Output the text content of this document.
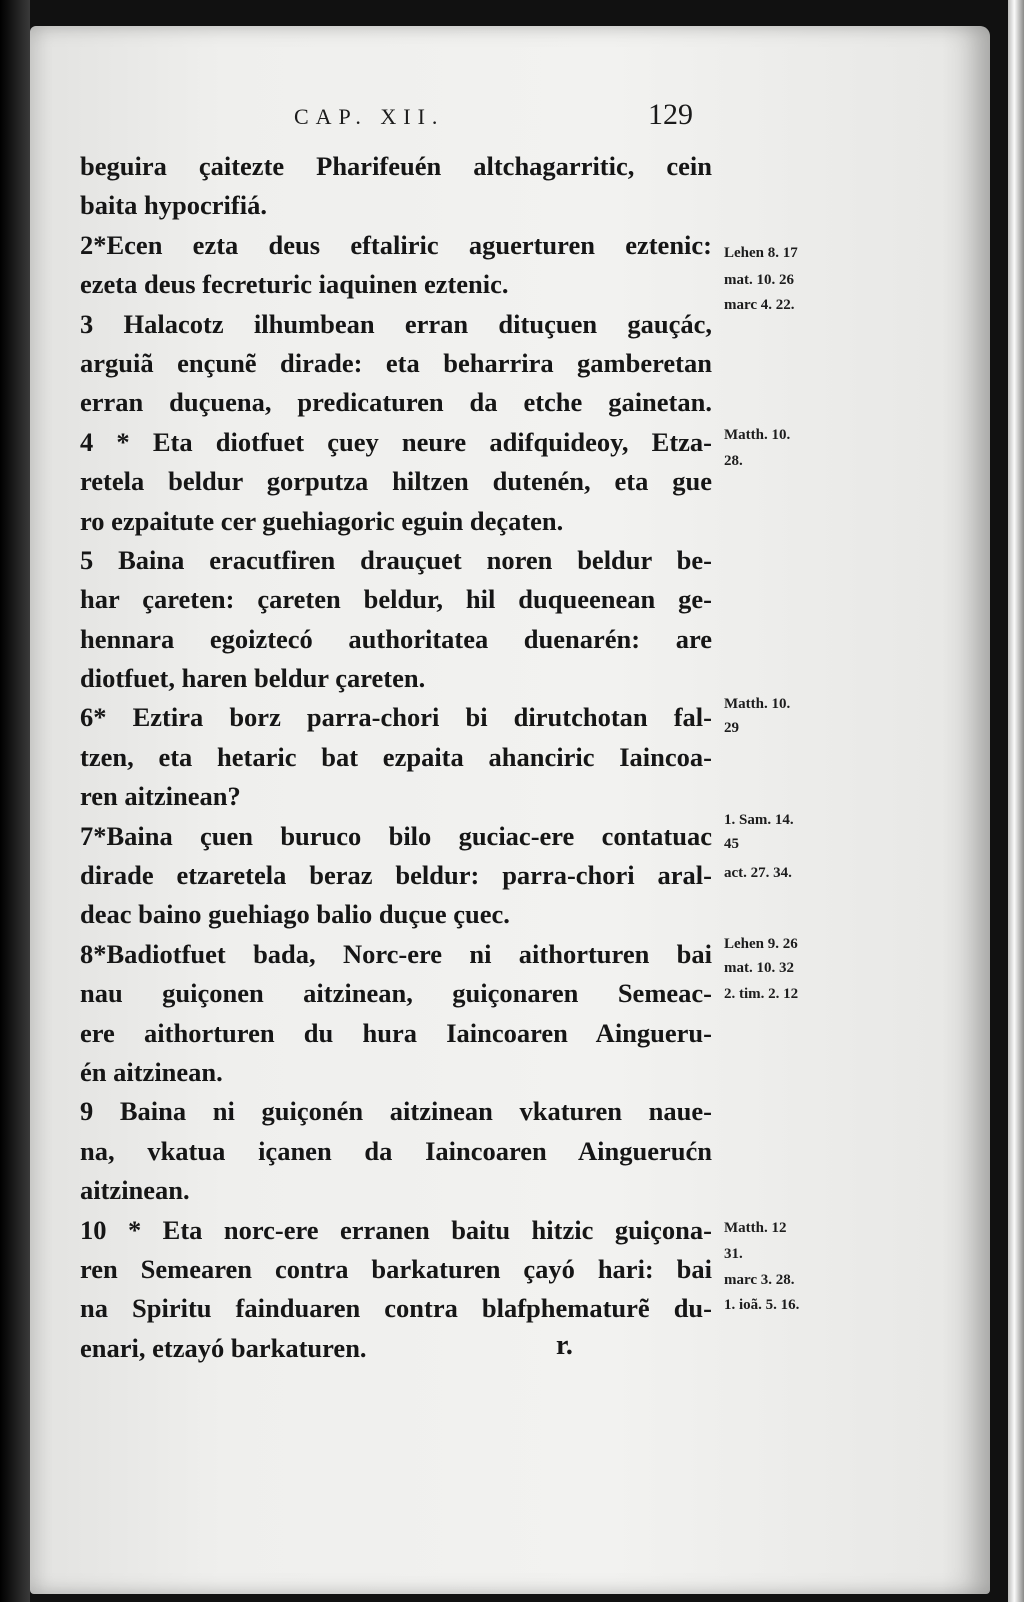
CAP. XII.	129
beguira çaitezte Pharifeuén altchagarritic, cein
baita hypocrifiá.
2*Ecen ezta deus eftaliric aguerturen eztenic:
ezeta deus fecreturic iaquinen eztenic.
3 Halacotz ilhumbean erran dituçuen gauçác,
arguiã ençunẽ dirade: eta beharrira gamberetan
erran duçuena, predicaturen da etche gainetan.
4 * Eta diotfuet çuey neure adifquideoy, Etza-
retela beldur gorputza hiltzen dutenén, eta gue
ro ezpaitute cer guehiagoric eguin deçaten.
5 Baina eracutfiren drauçuet noren beldur be-
har çareten: çareten beldur, hil duqueenean ge-
hennara egoiztecó authoritatea duenarén: are
diotfuet, haren beldur çareten.
6* Eztira borz parra-chori bi dirutchotan fal-
tzen, eta hetaric bat ezpaita ahanciric Iaincoa-
ren aitzinean?
7*Baina çuen buruco bilo guciac-ere contatuac
dirade etzaretela beraz beldur: parra-chori aral-
deac baino guehiago balio duçue çuec.
8*Badiotfuet bada, Norc-ere ni aithorturen bai
nau guiçonen aitzinean, guiçonaren Semeac-
ere aithorturen du hura Iaincoaren Aingueru-
én aitzinean.
9 Baina ni guiçonén aitzinean vkaturen naue-
na, vkatua içanen da Iaincoaren Ainguerućn
aitzinean.
10 * Eta norc-ere erranen baitu hitzic guiçona-
ren Semearen contra barkaturen çayó hari: bai
na Spiritu fainduaren contra blafphematurẽ du-
enari, etzayó barkaturen.
Lehen 8. 17
mat. 10. 26
marc 4. 22.
Matth. 10.
28.
Matth. 10.
29
1. Sam. 14.
45
act. 27. 34.
Lehen 9. 26
mat. 10. 32
2. tim. 2. 12
Matth. 12
31.
marc 3. 28.
1. ioã. 5. 16.
r.
